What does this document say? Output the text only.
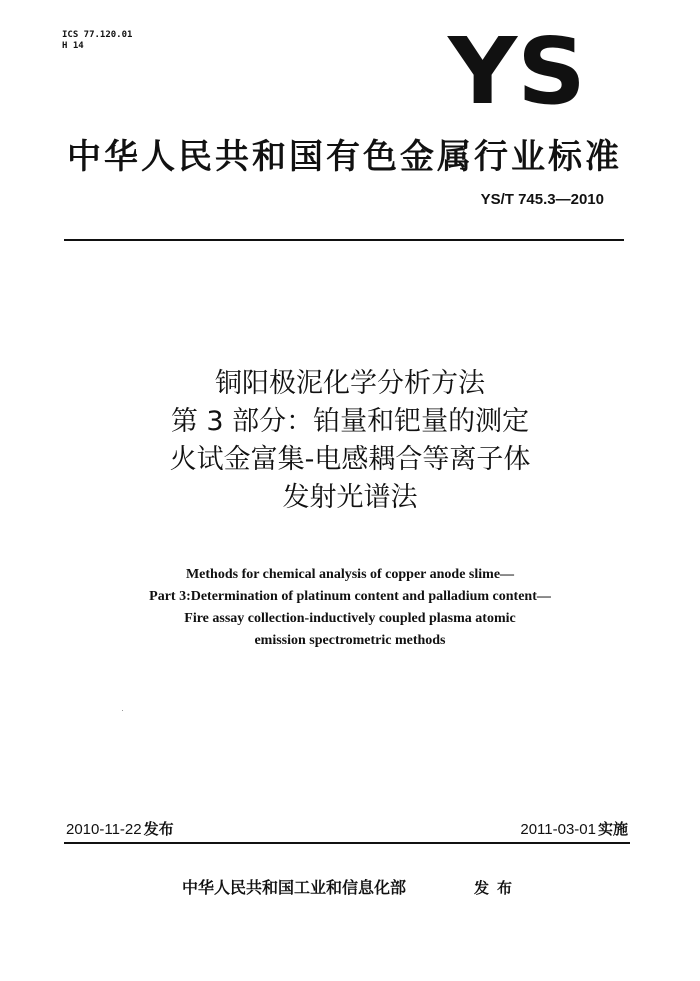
ICS 77.120.01
H 14	YS
中华人民共和国有色金属行业标准
YS/T 745.3—2010
铜阳极泥化学分析方法
第 3 部分：铂量和钯量的测定
火试金富集-电感耦合等离子体
发射光谱法
Methods for chemical analysis of copper anode slime—
Part 3:Determination of platinum content and palladium content—
Fire assay collection-inductively coupled plasma atomic
emission spectrometric methods
2010-11-22 发布	2011-03-01 实施
中华人民共和国工业和信息化部	发布
